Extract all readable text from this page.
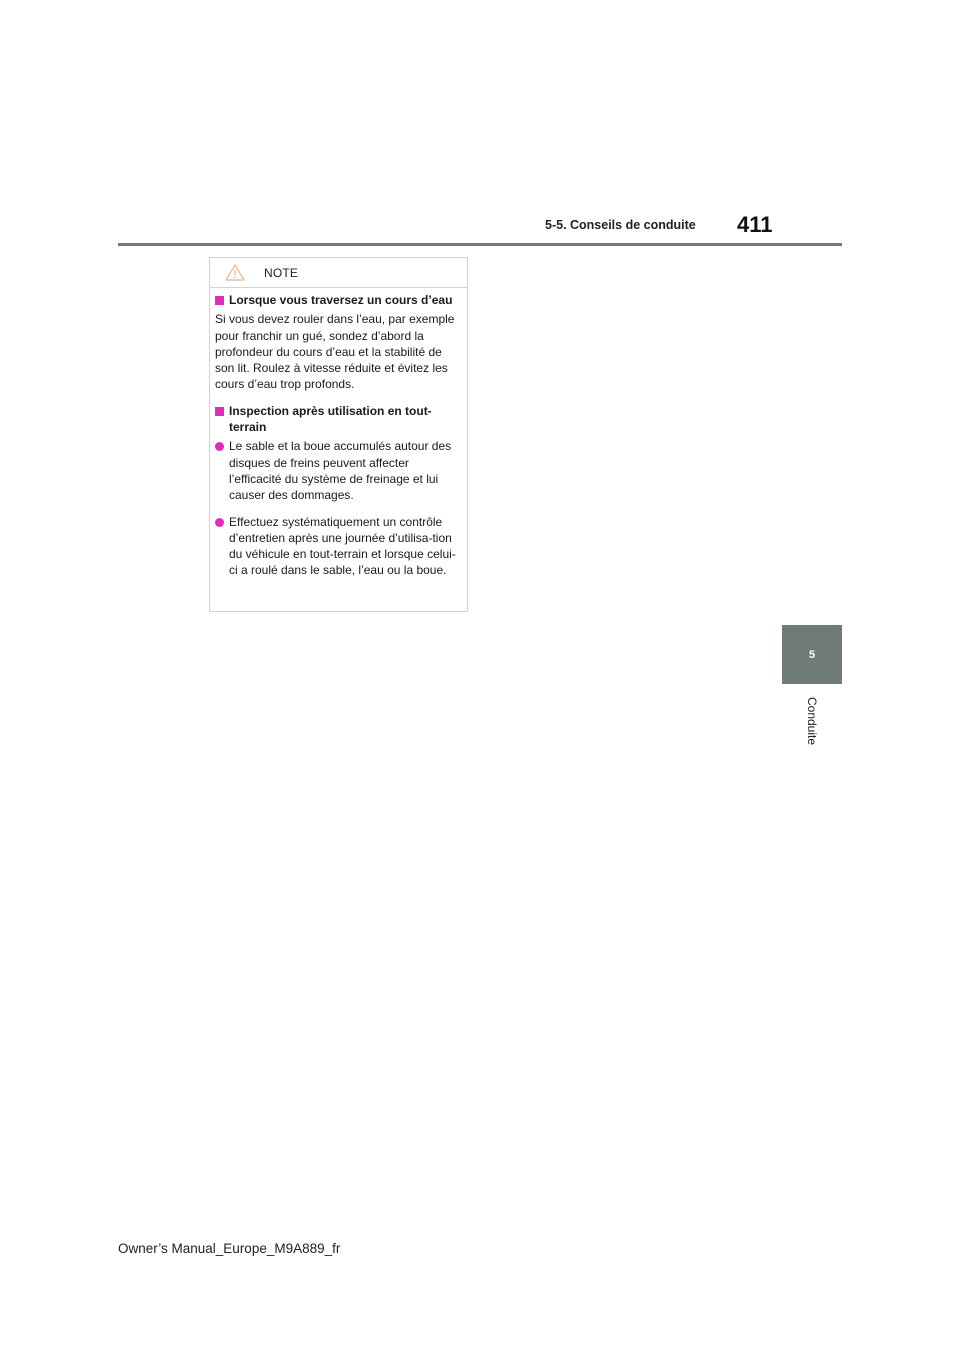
5-5. Conseils de conduite 411
5
Conduite
NOTE
Lorsque vous traversez un cours d’eau
Si vous devez rouler dans l’eau, par exemple pour franchir un gué, sondez d’abord la profondeur du cours d’eau et la stabilité de son lit. Roulez à vitesse réduite et évitez les cours d’eau trop profonds.
Inspection après utilisation en tout-terrain
Le sable et la boue accumulés autour des disques de freins peuvent affecter l’efficacité du système de freinage et lui causer des dommages.
Effectuez systématiquement un contrôle d’entretien après une journée d’utilisa-tion du véhicule en tout-terrain et lorsque celui-ci a roulé dans le sable, l’eau ou la boue.
Owner’s Manual_Europe_M9A889_fr
